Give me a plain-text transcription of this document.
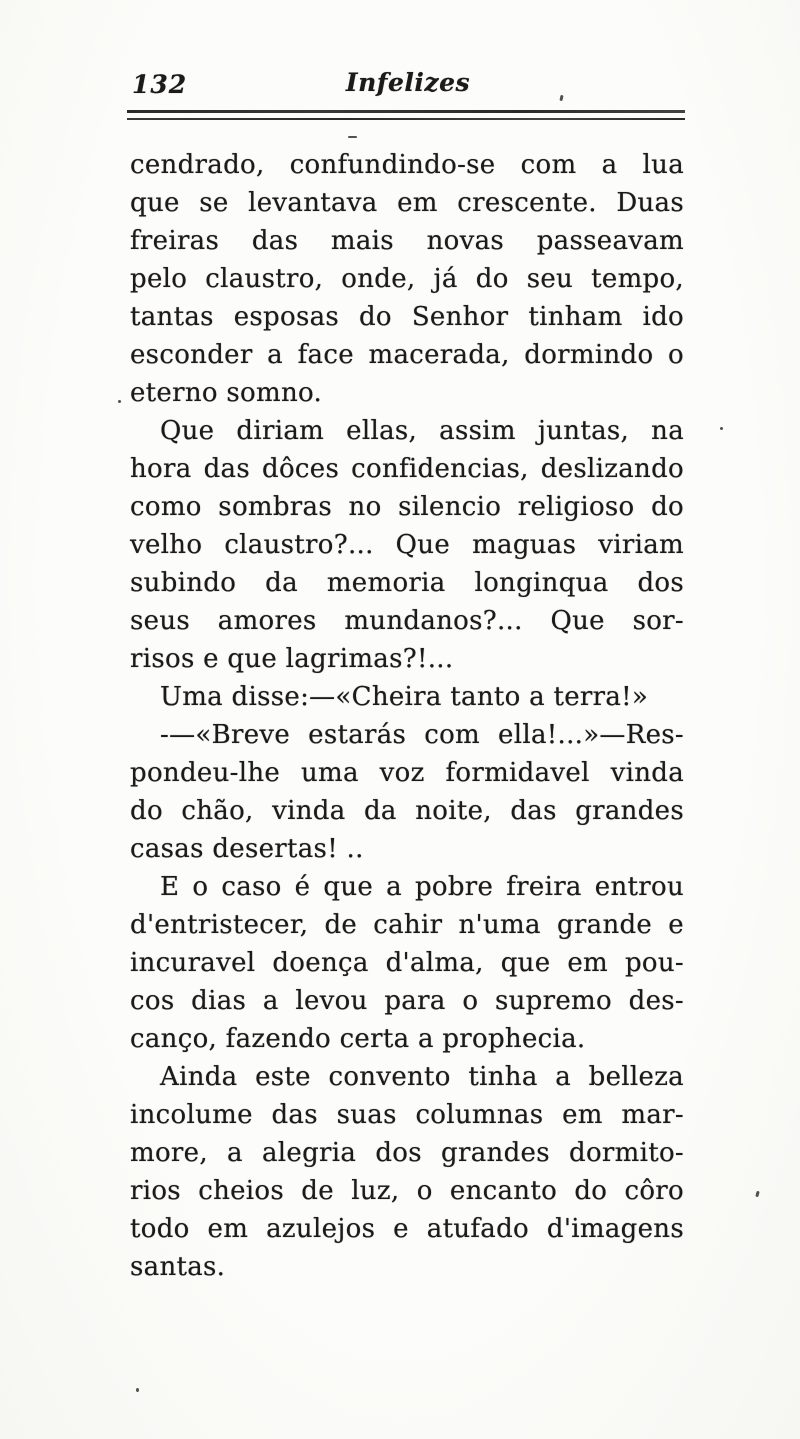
132	Infelizes

cendrado, confundindo-se com a lua

que se levantava em crescente. Duas

freiras das mais novas passeavam

pelo claustro, onde, já do seu tempo,

tantas esposas do Senhor tinham ido

esconder a face macerada, dormindo o

eterno somno.

Que diriam ellas, assim juntas, na

hora das dôces confidencias, deslizando

como sombras no silencio religioso do

velho claustro?... Que maguas viriam

subindo da memoria longinqua dos

seus amores mundanos?... Que sor-

risos e que lagrimas?!...

Uma disse:—«Cheira tanto a terra!»

-—«Breve estarás com ella!...»—Res-

pondeu-lhe uma voz formidavel vinda

do chão, vinda da noite, das grandes

casas desertas! ..

E o caso é que a pobre freira entrou

d'entristecer, de cahir n'uma grande e

incuravel doença d'alma, que em pou-

cos dias a levou para o supremo des-

canço, fazendo certa a prophecia.

Ainda este convento tinha a belleza

incolume das suas columnas em mar-

more, a alegria dos grandes dormito-

rios cheios de luz, o encanto do côro

todo em azulejos e atufado d'imagens

santas.
